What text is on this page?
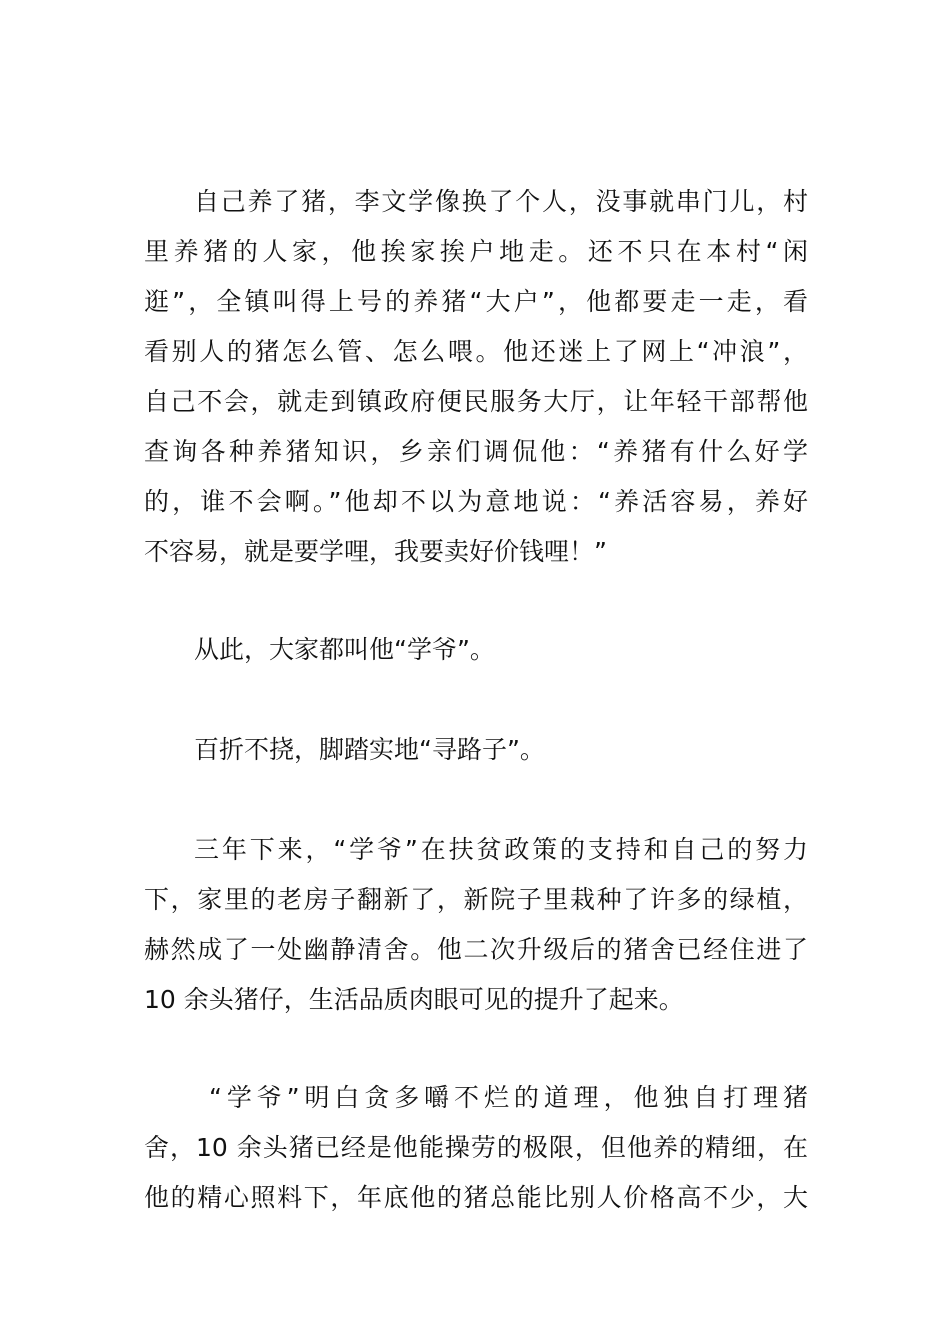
自己养了猪，李文学像换了个人，没事就串门儿，村
里养猪的人家，他挨家挨户地走。还不只在本村“闲
逛”，全镇叫得上号的养猪“大户”，他都要走一走，看
看别人的猪怎么管、怎么喂。他还迷上了网上“冲浪”，
自己不会，就走到镇政府便民服务大厅，让年轻干部帮他
查询各种养猪知识，乡亲们调侃他：“养猪有什么好学
的，谁不会啊。”他却不以为意地说：“养活容易，养好
不容易，就是要学哩，我要卖好价钱哩！”
从此，大家都叫他“学爷”。
百折不挠，脚踏实地“寻路子”。
三年下来，“学爷”在扶贫政策的支持和自己的努力
下，家里的老房子翻新了，新院子里栽种了许多的绿植，
赫然成了一处幽静清舍。他二次升级后的猪舍已经住进了
10 余头猪仔，生活品质肉眼可见的提升了起来。
“学爷”明白贪多嚼不烂的道理，他独自打理猪
舍，10 余头猪已经是他能操劳的极限，但他养的精细，在
他的精心照料下，年底他的猪总能比别人价格高不少，大
